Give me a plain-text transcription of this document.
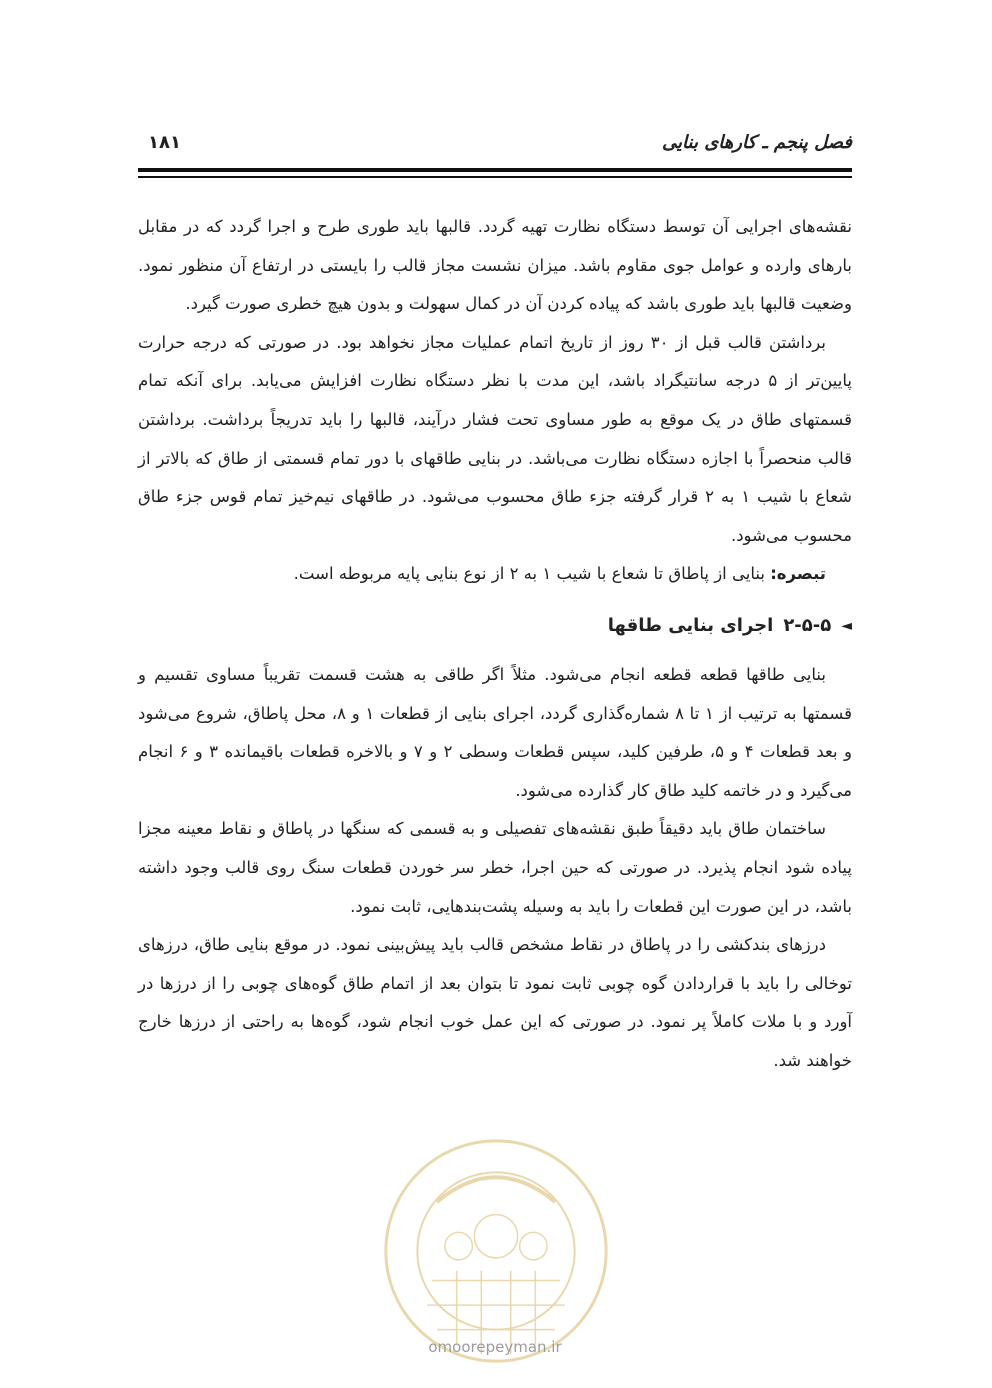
فصل پنجم ـ کارهای بنایی
۱۸۱

نقشه‌های اجرایی آن توسط دستگاه نظارت تهیه گردد. قالبها باید طوری طرح و اجرا گردد که در مقابل بارهای وارده و عوامل جوی مقاوم باشد. میزان نشست مجاز قالب را بایستی در ارتفاع آن منظور نمود. وضعیت قالبها باید طوری باشد که پیاده کردن آن در کمال سهولت و بدون هیچ خطری صورت گیرد.

برداشتن قالب قبل از ۳۰ روز از تاریخ اتمام عملیات مجاز نخواهد بود. در صورتی که درجه حرارت پایین‌تر از ۵ درجه سانتیگراد باشد، این مدت با نظر دستگاه نظارت افزایش می‌یابد. برای آنکه تمام قسمتهای طاق در یک موقع به طور مساوی تحت فشار درآیند، قالبها را باید تدریجاً برداشت. برداشتن قالب منحصراً با اجازه دستگاه نظارت می‌باشد. در بنایی طاقهای با دور تمام قسمتی از طاق که بالاتر از شعاع با شیب ۱ به ۲ قرار گرفته جزء طاق محسوب می‌شود. در طاقهای نیم‌خیز تمام قوس جزء طاق محسوب می‌شود.

تبصره: بنایی از پاطاق تا شعاع با شیب ۱ به ۲ از نوع بنایی پایه مربوطه است.

◄
۲-۵-۵
اجرای بنایی طاقها

بنایی طاقها قطعه قطعه انجام می‌شود. مثلاً اگر طاقی به هشت قسمت تقریباً مساوی تقسیم و قسمتها به ترتیب از ۱ تا ۸ شماره‌گذاری گردد، اجرای بنایی از قطعات ۱ و ۸، محل پاطاق، شروع می‌شود و بعد قطعات ۴ و ۵، طرفین کلید، سپس قطعات وسطی ۲ و ۷ و بالاخره قطعات باقیمانده ۳ و ۶ انجام می‌گیرد و در خاتمه کلید طاق کار گذارده می‌شود.

ساختمان طاق باید دقیقاً طبق نقشه‌های تفصیلی و به قسمی که سنگها در پاطاق و نقاط معینه مجزا پیاده شود انجام پذیرد. در صورتی که حین اجرا، خطر سر خوردن قطعات سنگ روی قالب وجود داشته باشد، در این صورت این قطعات را باید به وسیله پشت‌بندهایی، ثابت نمود.

درزهای بندکشی را در پاطاق در نقاط مشخص قالب باید پیش‌بینی نمود. در موقع بنایی طاق، درزهای توخالی را باید با قراردادن گوه چوبی ثابت نمود تا بتوان بعد از اتمام طاق گوه‌های چوبی را از درزها در آورد و با ملات کاملاً پر نمود. در صورتی که این عمل خوب انجام شود، گوه‌ها به راحتی از درزها خارج خواهند شد.

omoorepeyman.ir
